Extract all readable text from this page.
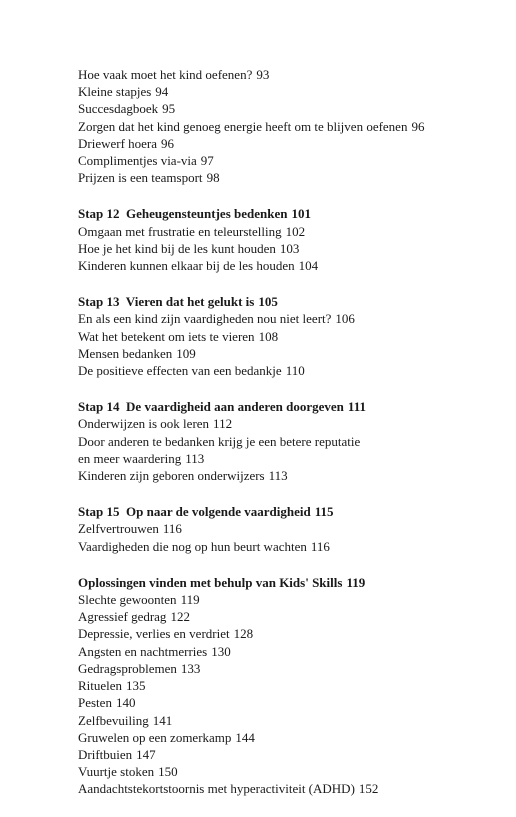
Hoe vaak moet het kind oefenen? 93
Kleine stapjes 94
Succesdagboek 95
Zorgen dat het kind genoeg energie heeft om te blijven oefenen 96
Driewerf hoera 96
Complimentjes via-via 97
Prijzen is een teamsport 98
Stap 12  Geheugensteuntjes bedenken 101
Omgaan met frustratie en teleurstelling 102
Hoe je het kind bij de les kunt houden 103
Kinderen kunnen elkaar bij de les houden 104
Stap 13  Vieren dat het gelukt is 105
En als een kind zijn vaardigheden nou niet leert? 106
Wat het betekent om iets te vieren 108
Mensen bedanken 109
De positieve effecten van een bedankje 110
Stap 14  De vaardigheid aan anderen doorgeven 111
Onderwijzen is ook leren 112
Door anderen te bedanken krijg je een betere reputatie
en meer waardering 113
Kinderen zijn geboren onderwijzers 113
Stap 15  Op naar de volgende vaardigheid 115
Zelfvertrouwen 116
Vaardigheden die nog op hun beurt wachten 116
Oplossingen vinden met behulp van Kids' Skills 119
Slechte gewoonten 119
Agressief gedrag 122
Depressie, verlies en verdriet 128
Angsten en nachtmerries 130
Gedragsproblemen 133
Rituelen 135
Pesten 140
Zelfbevuiling 141
Gruwelen op een zomerkamp 144
Driftbuien 147
Vuurtje stoken 150
Aandachtstekortstoornis met hyperactiviteit (ADHD) 152
